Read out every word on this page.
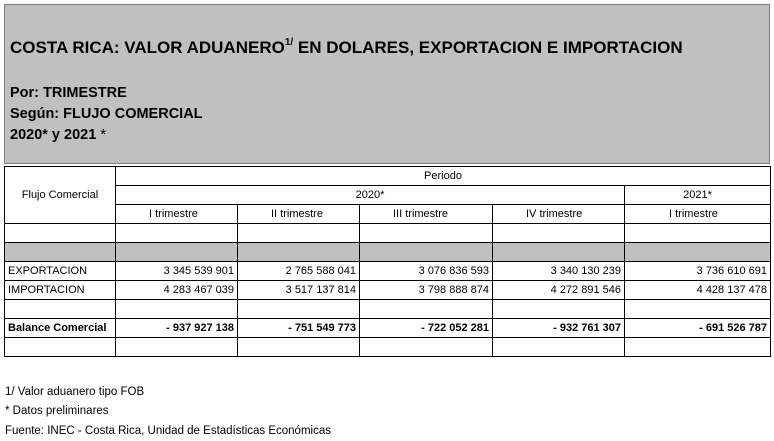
COSTA RICA: VALOR $ADUANERO^{1/}$ EN DOLARES, EXPORTACION E IMPORTACION
Por: TRIMESTRE
Según: FLUJO COMERCIAL
2020* y 2021 *
Flujo Comercial	Periodo				
	2020*				2021*
	I trimestre	II trimestre	III trimestre	IV trimestre	I trimestre

EXPORTACION	3 345 539 901	2 765 588 041	3 076 836 593	3 340 130 239	3 736 610 691
IMPORTACION	4 283 467 039	3 517 137 814	3 798 888 874	4 272 891 546	4 428 137 478

Balance Comercial	- 937 927 138	- 751 549 773	- 722 052 281	- 932 761 307	- 691 526 787

1/ Valor aduanero tipo FOB
* Datos preliminares
Fuente: INEC - Costa Rica, Unidad de Estadísticas Económicas
